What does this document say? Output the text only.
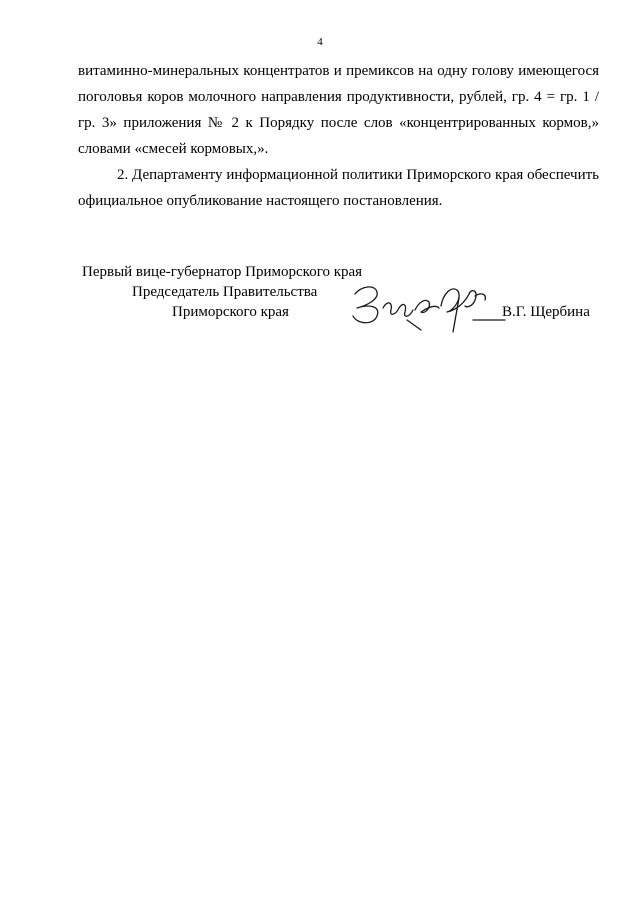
4

витаминно-минеральных концентратов и премиксов на одну голову имеющегося поголовья коров молочного направления продуктивности, рублей, гр. 4 = гр. 1 / гр. 3» приложения № 2 к Порядку после слов «концентрированных кормов,» словами «смесей кормовых,».

2. Департаменту информационной политики Приморского края обеспечить официальное опубликование настоящего постановления.

Первый вице-губернатор Приморского края
Председатель Правительства
Приморского края	В.Г. Щербина
